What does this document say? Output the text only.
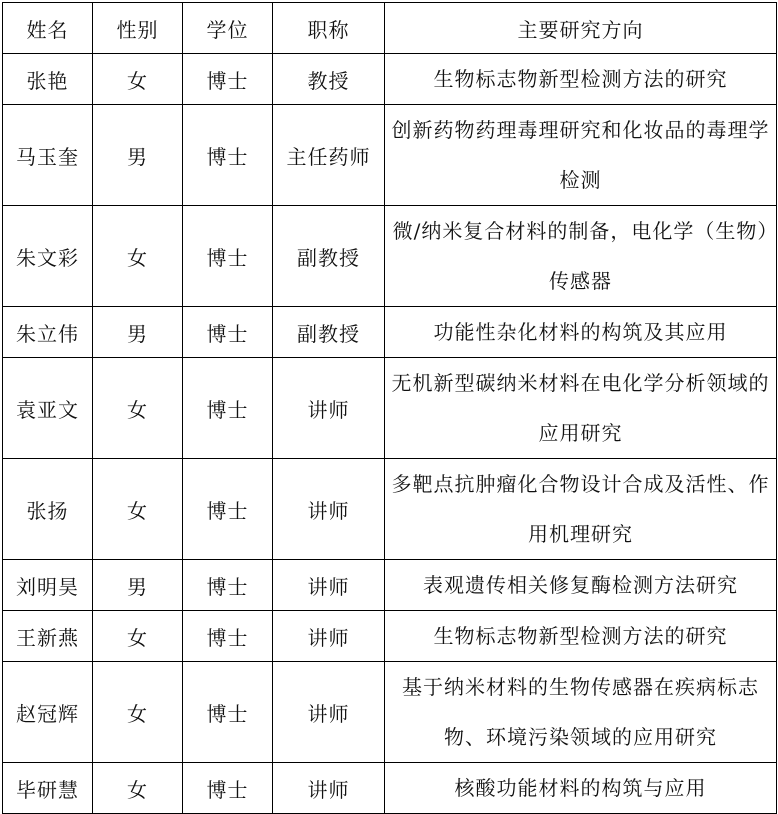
姓名	性别	学位	职称	主要研究方向
张艳	女	博士	教授	生物标志物新型检测方法的研究
马玉奎	男	博士	主任药师	创新药物药理毒理研究和化妆品的毒理学检测
朱文彩	女	博士	副教授	微/纳米复合材料的制备，电化学（生物）传感器
朱立伟	男	博士	副教授	功能性杂化材料的构筑及其应用
袁亚文	女	博士	讲师	无机新型碳纳米材料在电化学分析领域的应用研究
张扬	女	博士	讲师	多靶点抗肿瘤化合物设计合成及活性、作用机理研究
刘明昊	男	博士	讲师	表观遗传相关修复酶检测方法研究
王新燕	女	博士	讲师	生物标志物新型检测方法的研究
赵冠辉	女	博士	讲师	基于纳米材料的生物传感器在疾病标志物、环境污染领域的应用研究
毕研慧	女	博士	讲师	核酸功能材料的构筑与应用
